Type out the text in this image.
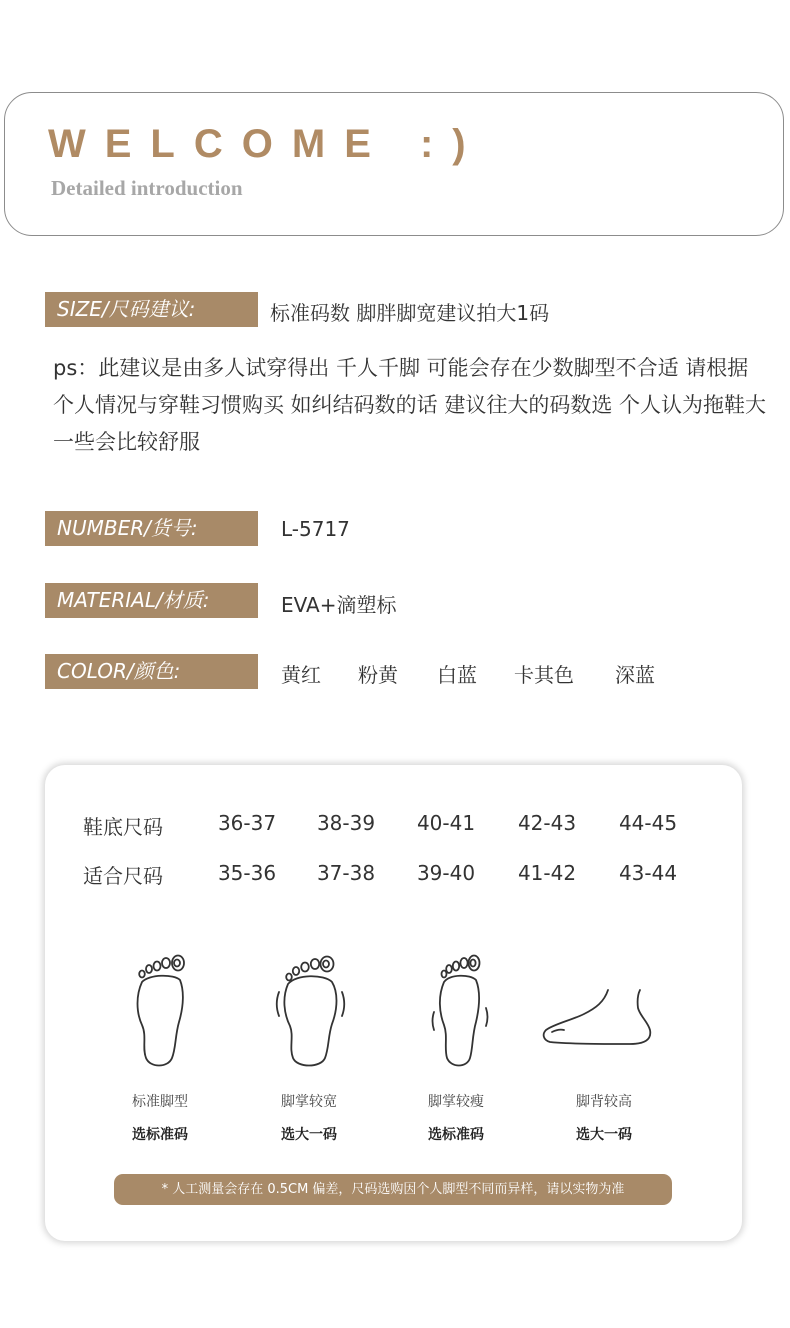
WELCOME :)
Detailed introduction
SIZE/尺码建议:	标准码数 脚胖脚宽建议拍大1码
ps：此建议是由多人试穿得出 千人千脚 可能会存在少数脚型不合适 请根据个人情况与穿鞋习惯购买 如纠结码数的话 建议往大的码数选 个人认为拖鞋大一些会比较舒服
NUMBER/货号:	L-5717
MATERIAL/材质:	EVA+滴塑标
COLOR/颜色:	黄红 粉黄 白蓝 卡其色 深蓝
鞋底尺码	36-37	38-39	40-41	42-43	44-45
适合尺码	35-36	37-38	39-40	41-42	43-44
标准脚型
选标准码
脚掌较宽
选大一码
脚掌较瘦
选标准码
脚背较高
选大一码
* 人工测量会存在 0.5CM 偏差，尺码选购因个人脚型不同而异样，请以实物为准
